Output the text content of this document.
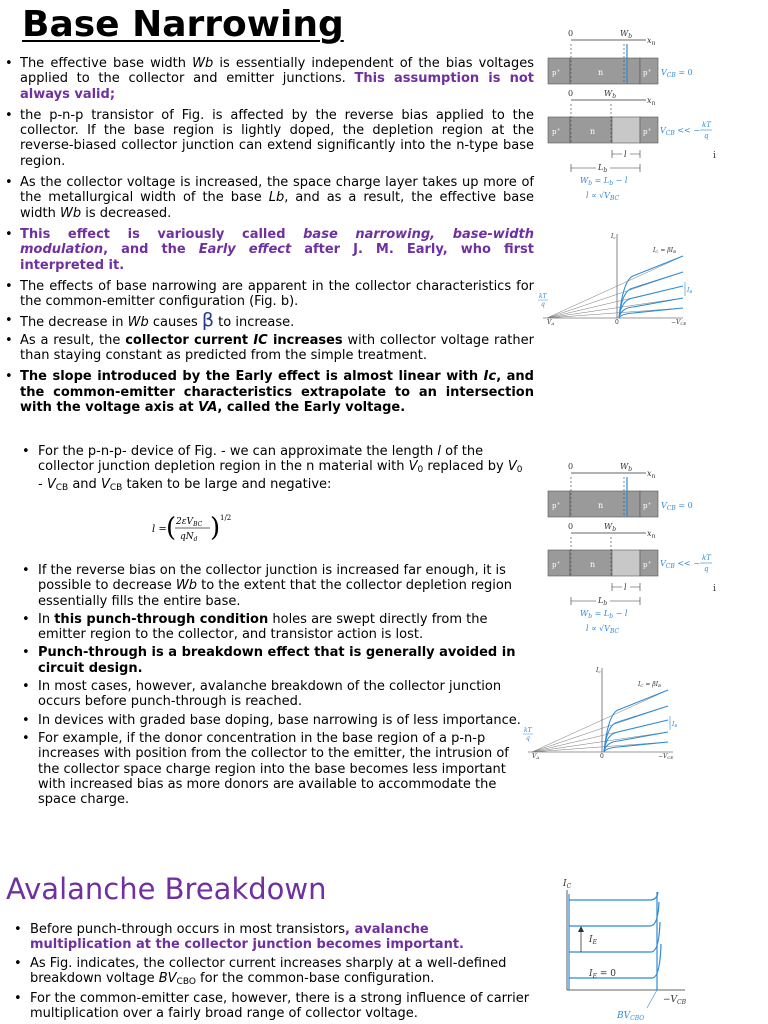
Base Narrowing
• The effective base width Wb is essentially independent of the bias voltages applied to the collector and emitter junctions. This assumption is not always valid;
• the p-n-p transistor of Fig. is affected by the reverse bias applied to the collector. If the base region is lightly doped, the depletion region at the reverse-biased collector junction can extend significantly into the n-type base region.
• As the collector voltage is increased, the space charge layer takes up more of the metallurgical width of the base Lb, and as a result, the effective base width Wb is decreased.
• This effect is variously called base narrowing, base-width modulation, and the Early effect after J. M. Early, who first interpreted it.
• The effects of base narrowing are apparent in the collector characteristics for the common-emitter configuration (Fig. b).
• The decrease in Wb causes β to increase.
• As a result, the collector current IC increases with collector voltage rather than staying constant as predicted from the simple treatment.
• The slope introduced by the Early effect is almost linear with Ic, and the common-emitter characteristics extrapolate to an intersection with the voltage axis at VA, called the Early voltage.
• For the p-n-p- device of Fig. - we can approximate the length l of the collector junction depletion region in the n material with $V_0$ replaced by $V_0 - V_{CB}$ and $V_{CB}$ taken to be large and negative:
l = ( $2\varepsilon V_{BC}$
$qN_d$ ) 1/2
• If the reverse bias on the collector junction is increased far enough, it is possible to decrease Wb to the extent that the collector depletion region essentially fills the entire base.
• In this punch-through condition holes are swept directly from the emitter region to the collector, and transistor action is lost.
• Punch-through is a breakdown effect that is generally avoided in circuit design.
• In most cases, however, avalanche breakdown of the collector junction occurs before punch-through is reached.
• In devices with graded base doping, base narrowing is of less importance.
• For example, if the donor concentration in the base region of a p-n-p increases with position from the collector to the emitter, the intrusion of the collector space charge region into the base becomes less important with increased bias as more donors are available to accommodate the space charge.
Avalanche Breakdown
• Before punch-through occurs in most transistors, avalanche multiplication at the collector junction becomes important.
• As Fig. indicates, the collector current increases sharply at a well-defined breakdown voltage $BV_{CBO}$ for the common-base configuration.
• For the common-emitter case, however, there is a strong influence of carrier multiplication over a fairly broad range of collector voltage.
0	$W_b$ $x_n$
p+	n	p+ $V_{CB} = 0$
0	$W_b$	$x_n$
p+	n	p+ $V_{CB}$ << −
kT
q
l
$L_b$
$W_b = L_b - l$
$l \propto √V_{BC}$
i
Ic
IC = βIB
IB
kT
q
VA	0	−VCE
0	$W_b$ $x_n$
p+	n	p+ $V_{CB} = 0$
0	$W_b$	$x_n$
p+	n	p+ $V_{CB}$ << −
kT
q
l
$L_b$
$W_b = L_b - l$
$l \propto √V_{BC}$
i
Ic
IC = βIB
IB
kT
q
VA	0	−VCE
$I_C$
$I_E$
$I_E = 0$
$-V_{CB}$
$BV_{CBO}$
